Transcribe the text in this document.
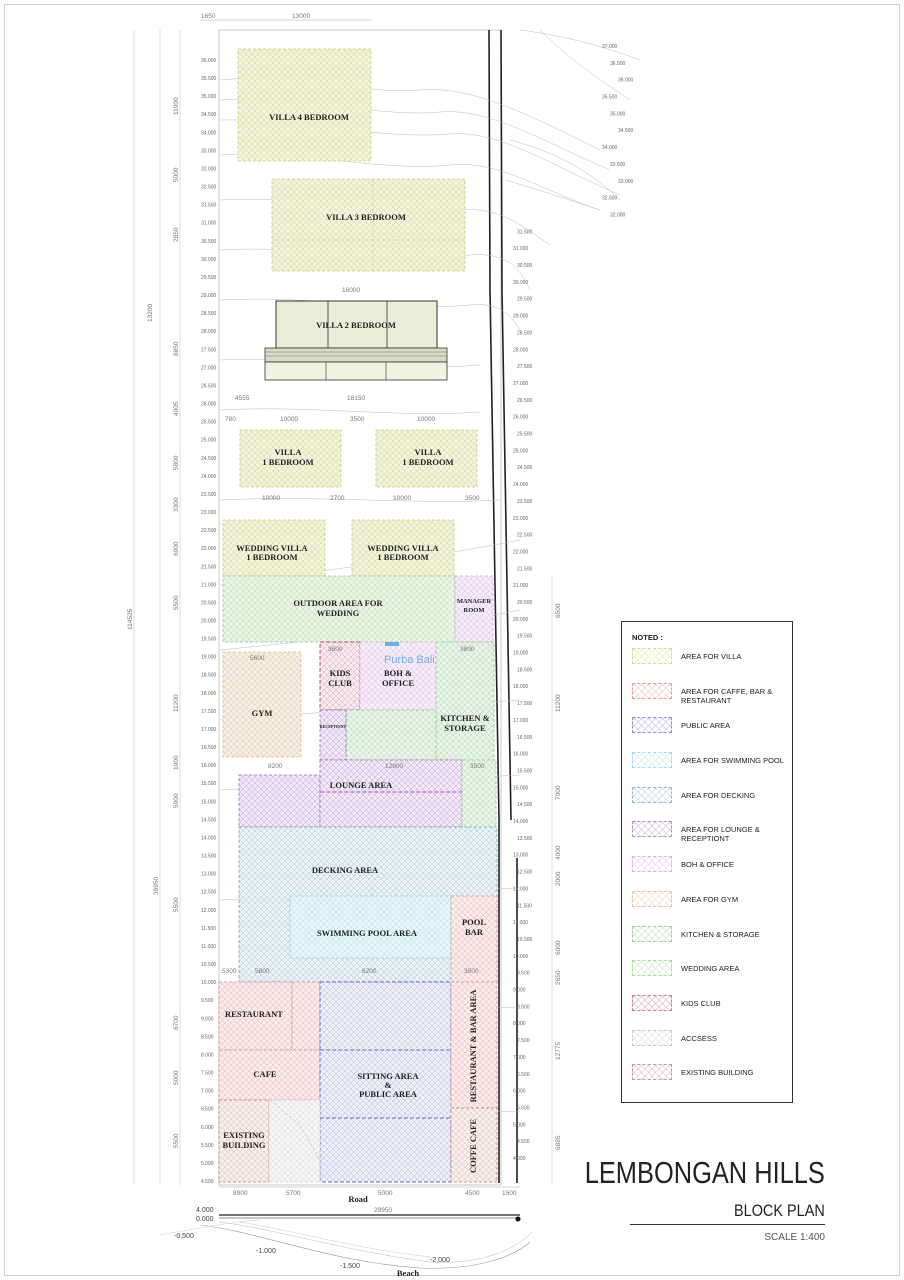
VILLA 4 BEDROOM
VILLA 3 BEDROOM
VILLA 2 BEDROOM
VILLA
1 BEDROOM
VILLA
1 BEDROOM
WEDDING VILLA
1 BEDROOM
WEDDING VILLA
1 BEDROOM
OUTDOOR AREA FOR
WEDDING
MANAGER
ROOM
GYM
KIDS
CLUB
BOH &
OFFICE
KITCHEN &
STORAGE
RECEPTIONT
LOUNGE AREA
DECKING AREA
SWIMMING POOL AREA
POOL
BAR
RESTAURANT
CAFE	SITTING AREA
&
PUBLIC AREA	RESTAURANT & BAR AREA
EXISTING
BUILDING	COFFE CAFE
Purba Bali
1650	13000
16000
4555	18150
780	10000	3500	10000
10000	2700	10000	3500
5600
3600	3800
8200	12800	3500
5300	5800	6200	3500
8900	5700	5000	4500	1500
29950
11000
5000
2850
13200
8850
4005
5800
3300
6000
114525
5500
11200
1000
5000
5500
6700
5000
5500
39950
6500
11200
7000
4000
2000
6000
2650
12775
6885
36.000
35.500
35.000
34.500
34.000
33.000
32.000
32.500
31.500
31.000
30.500
30.000
29.500
29.000
28.500
28.000
27.500
27.000
26.500
26.000
25.500
25.000
24.500
24.000
23.500
23.000
22.500
22.000
21.500
21.000
20.500
20.000
19.500
19.000
18.500
18.000
17.500
17.000
16.500
16.000
15.500
15.000
14.500
14.000
13.500
13.000
12.500
12.000
11.500
11.000
10.500
10.000
9.500
9.000
8.500
8.000
7.500
7.000
6.500
6.000
5.500
5.000
4.500
37.000
36.500
36.000
35.500
35.000
34.500
34.000
33.500
33.000
32.500
32.000
31.500
31.000
30.500
30.000
29.500
29.000
28.500
28.000
27.500
27.000
26.500
26.000
25.500
25.000
24.500
24.000
23.500
23.000
22.500
22.000
21.500
21.000
20.500
20.000
19.500
19.000
18.500
18.000
17.500
17.000
16.500
16.000
15.500
15.000
14.500
14.000
13.500
13.000
12.500
12.000
11.500
11.000
10.500
10.000
9.500
9.000
8.500
8.000
7.500
7.000
6.500
6.000
5.500
5.000
4.500
4.000
Road
Beach
4.000
0.000
-0.500
-1.000
-1.500
-2.000
NOTED :
AREA FOR VILLA
AREA FOR CAFFE, BAR & RESTAURANT
PUBLIC AREA
AREA FOR SWIMMING POOL
AREA FOR DECKING
AREA FOR LOUNGE & RECEPTIONT
BOH & OFFICE
AREA FOR GYM
KITCHEN & STORAGE
WEDDING AREA
KIDS CLUB
ACCSESS
EXISTING BUILDING
LEMBONGAN HILLS
BLOCK PLAN
SCALE 1:400
